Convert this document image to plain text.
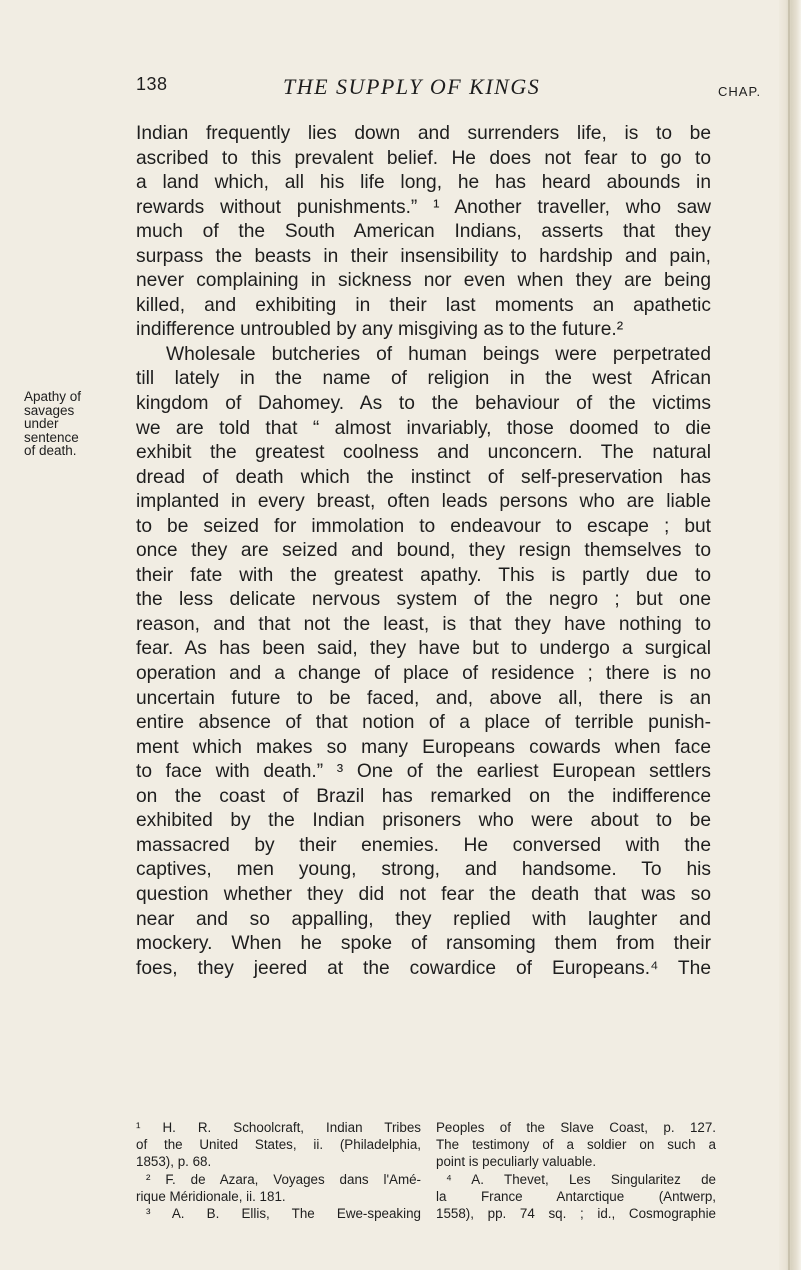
138	THE SUPPLY OF KINGS	CHAP.
Apathy of
savages
under
sentence
of death.
Indian frequently lies down and surrenders life, is to be
ascribed to this prevalent belief. He does not fear to go to
a land which, all his life long, he has heard abounds in
rewards without punishments.” ¹ Another traveller, who saw
much of the South American Indians, asserts that they
surpass the beasts in their insensibility to hardship and pain,
never complaining in sickness nor even when they are being
killed, and exhibiting in their last moments an apathetic
indifference untroubled by any misgiving as to the future.²
Wholesale butcheries of human beings were perpetrated
till lately in the name of religion in the west African
kingdom of Dahomey. As to the behaviour of the victims
we are told that “ almost invariably, those doomed to die
exhibit the greatest coolness and unconcern. The natural
dread of death which the instinct of self-preservation has
implanted in every breast, often leads persons who are liable
to be seized for immolation to endeavour to escape ; but
once they are seized and bound, they resign themselves to
their fate with the greatest apathy. This is partly due to
the less delicate nervous system of the negro ; but one
reason, and that not the least, is that they have nothing to
fear. As has been said, they have but to undergo a surgical
operation and a change of place of residence ; there is no
uncertain future to be faced, and, above all, there is an
entire absence of that notion of a place of terrible punish-
ment which makes so many Europeans cowards when face
to face with death.” ³ One of the earliest European settlers
on the coast of Brazil has remarked on the indifference
exhibited by the Indian prisoners who were about to be
massacred by their enemies. He conversed with the
captives, men young, strong, and handsome. To his
question whether they did not fear the death that was so
near and so appalling, they replied with laughter and
mockery. When he spoke of ransoming them from their
foes, they jeered at the cowardice of Europeans.⁴ The
¹ H. R. Schoolcraft, Indian Tribes
of the United States, ii. (Philadelphia,
1853), p. 68.
² F. de Azara, Voyages dans l'Amé-
rique Méridionale, ii. 181.
³ A. B. Ellis, The Ewe-speaking
Peoples of the Slave Coast, p. 127.
The testimony of a soldier on such a
point is peculiarly valuable.
⁴ A. Thevet, Les Singularitez de
la France Antarctique (Antwerp,
1558), pp. 74 sq. ; id., Cosmographie
